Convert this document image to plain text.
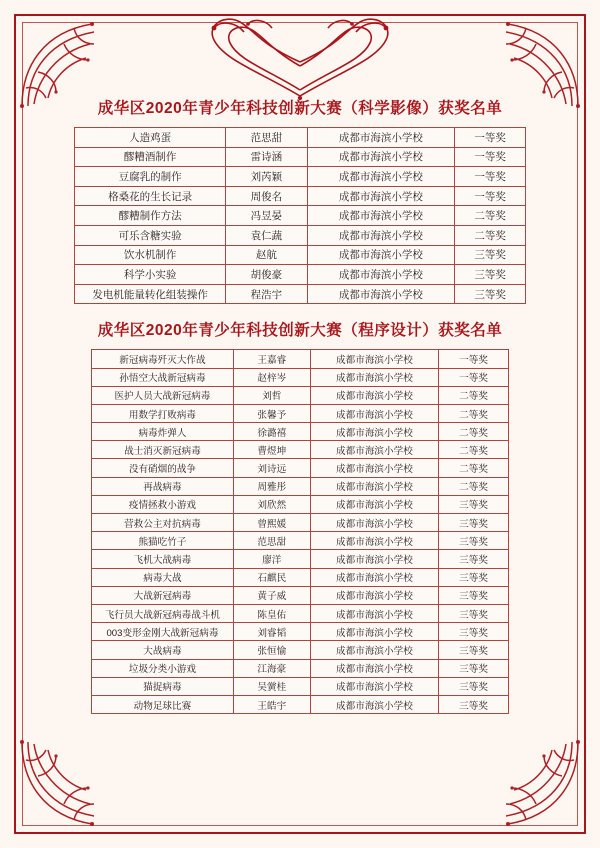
成华区2020年青少年科技创新大赛（科学影像）获奖名单
人造鸡蛋	范思甜	成都市海滨小学校	一等奖
醪糟酒制作	雷诗涵	成都市海滨小学校	一等奖
豆腐乳的制作	刘芮颖	成都市海滨小学校	一等奖
格桑花的生长记录	周俊名	成都市海滨小学校	一等奖
醪糟制作方法	冯昱晏	成都市海滨小学校	二等奖
可乐含糖实验	袁仁蔬	成都市海滨小学校	二等奖
饮水机制作	赵航	成都市海滨小学校	三等奖
科学小实验	胡俊豪	成都市海滨小学校	三等奖
发电机能量转化组装操作	程浩宇	成都市海滨小学校	三等奖
成华区2020年青少年科技创新大赛（程序设计）获奖名单
新冠病毒歼灭大作战	王嘉睿	成都市海滨小学校	一等奖
孙悟空大战新冠病毒	赵梓岑	成都市海滨小学校	一等奖
医护人员大战新冠病毒	刘哲	成都市海滨小学校	二等奖
用数学打败病毒	张馨予	成都市海滨小学校	二等奖
病毒炸弹人	徐潞禧	成都市海滨小学校	二等奖
战士消灭新冠病毒	曹煜坤	成都市海滨小学校	二等奖
没有硝烟的战争	刘诗远	成都市海滨小学校	二等奖
再战病毒	周雅彤	成都市海滨小学校	二等奖
疫情拯救小游戏	刘欣然	成都市海滨小学校	三等奖
营救公主对抗病毒	曾熙媛	成都市海滨小学校	三等奖
熊猫吃竹子	范思甜	成都市海滨小学校	三等奖
飞机大战病毒	廖洋	成都市海滨小学校	三等奖
病毒大战	石麒民	成都市海滨小学校	三等奖
大战新冠病毒	黄子威	成都市海滨小学校	三等奖
飞行员大战新冠病毒战斗机	陈皇佑	成都市海滨小学校	三等奖
003变形金刚大战新冠病毒	刘睿韬	成都市海滨小学校	三等奖
大战病毒	张恒愉	成都市海滨小学校	三等奖
垃圾分类小游戏	江海豪	成都市海滨小学校	三等奖
猫捉病毒	吴黉桂	成都市海滨小学校	三等奖
动物足球比赛	王皓宇	成都市海滨小学校	三等奖
